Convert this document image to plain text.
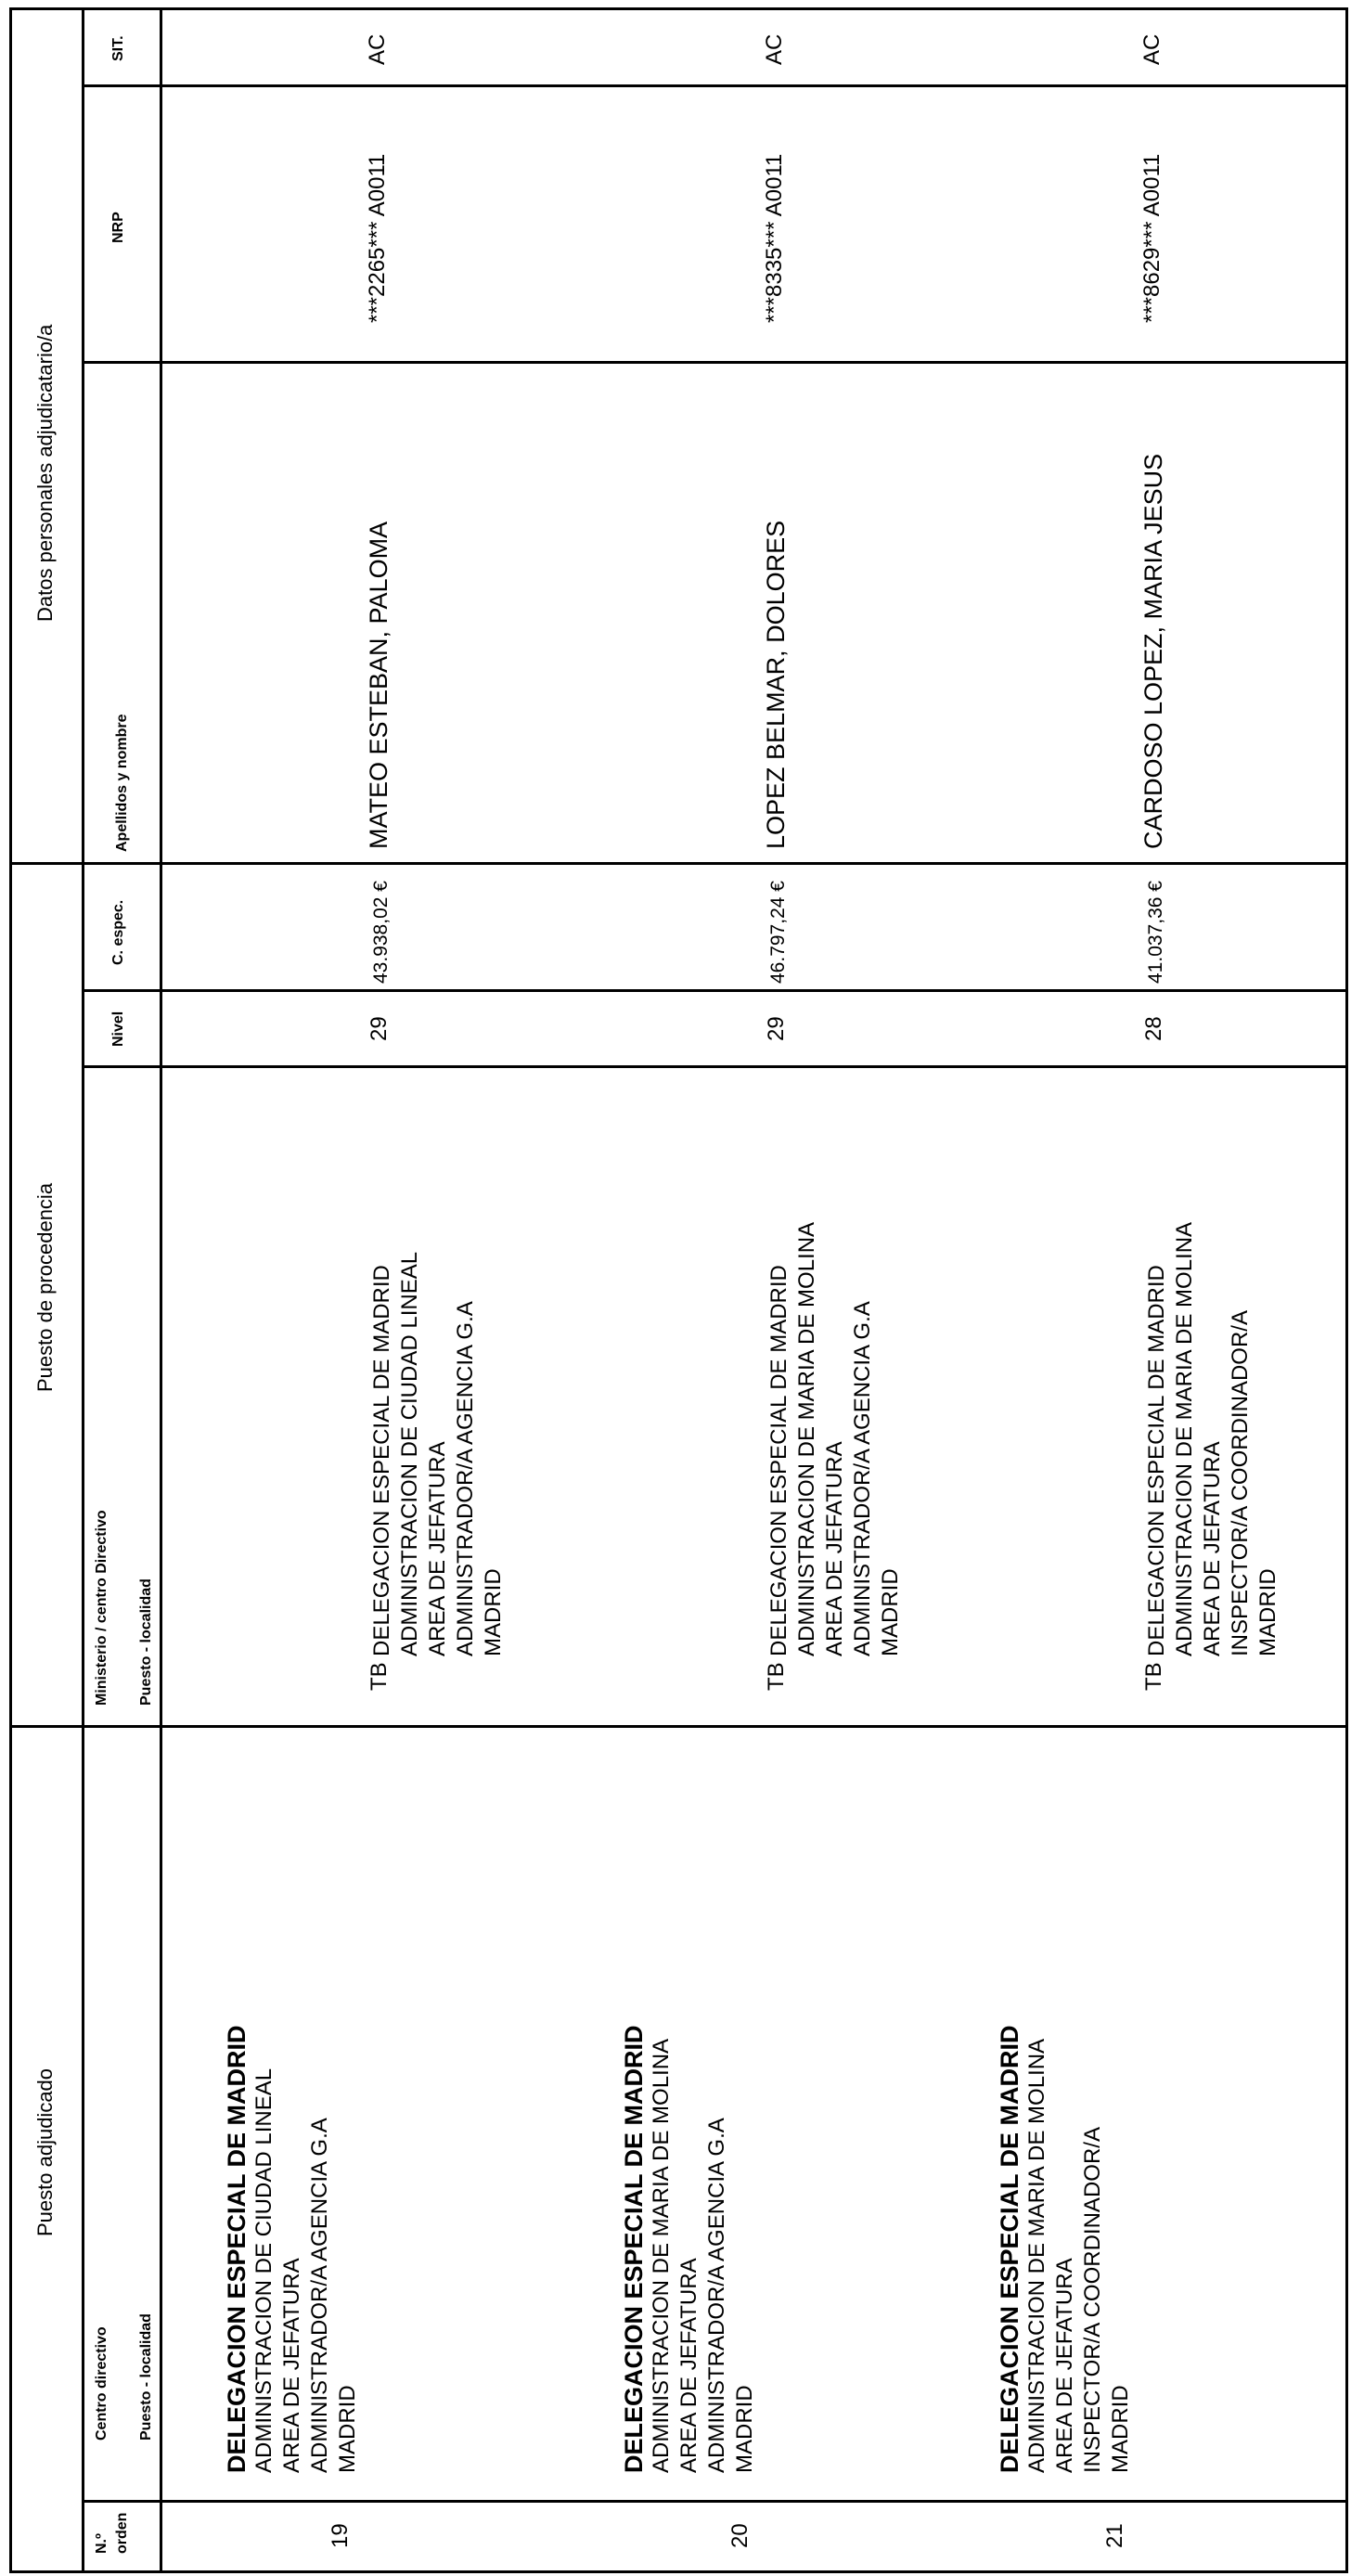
Puesto adjudicado
Puesto de procedencia
Datos personales adjudicatario/a
N.º orden
Centro directivo Puesto - localidad
Ministerio / centro Directivo Puesto - localidad
Nivel
C. espec.
Apellidos y nombre
NRP
SIT.
19
DELEGACION ESPECIAL DE MADRID ADMINISTRACION DE CIUDAD LINEAL AREA DE JEFATURA ADMINISTRADOR/A AGENCIA G.A MADRID
TB
DELEGACION ESPECIAL DE MADRID ADMINISTRACION DE CIUDAD LINEAL AREA DE JEFATURA ADMINISTRADOR/A AGENCIA G.A MADRID
29
43.938,02 €
MATEO ESTEBAN, PALOMA
***2265*** A0011
AC
20
DELEGACION ESPECIAL DE MADRID ADMINISTRACION DE MARIA DE MOLINA AREA DE JEFATURA ADMINISTRADOR/A AGENCIA G.A MADRID
TB
DELEGACION ESPECIAL DE MADRID ADMINISTRACION DE MARIA DE MOLINA AREA DE JEFATURA ADMINISTRADOR/A AGENCIA G.A MADRID
29
46.797,24 €
LOPEZ BELMAR, DOLORES
***8335*** A0011
AC
21
DELEGACION ESPECIAL DE MADRID ADMINISTRACION DE MARIA DE MOLINA AREA DE JEFATURA INSPECTOR/A COORDINADOR/A MADRID
TB
DELEGACION ESPECIAL DE MADRID ADMINISTRACION DE MARIA DE MOLINA AREA DE JEFATURA INSPECTOR/A COORDINADOR/A MADRID
28
41.037,36 €
CARDOSO LOPEZ, MARIA JESUS
***8629*** A0011
AC
